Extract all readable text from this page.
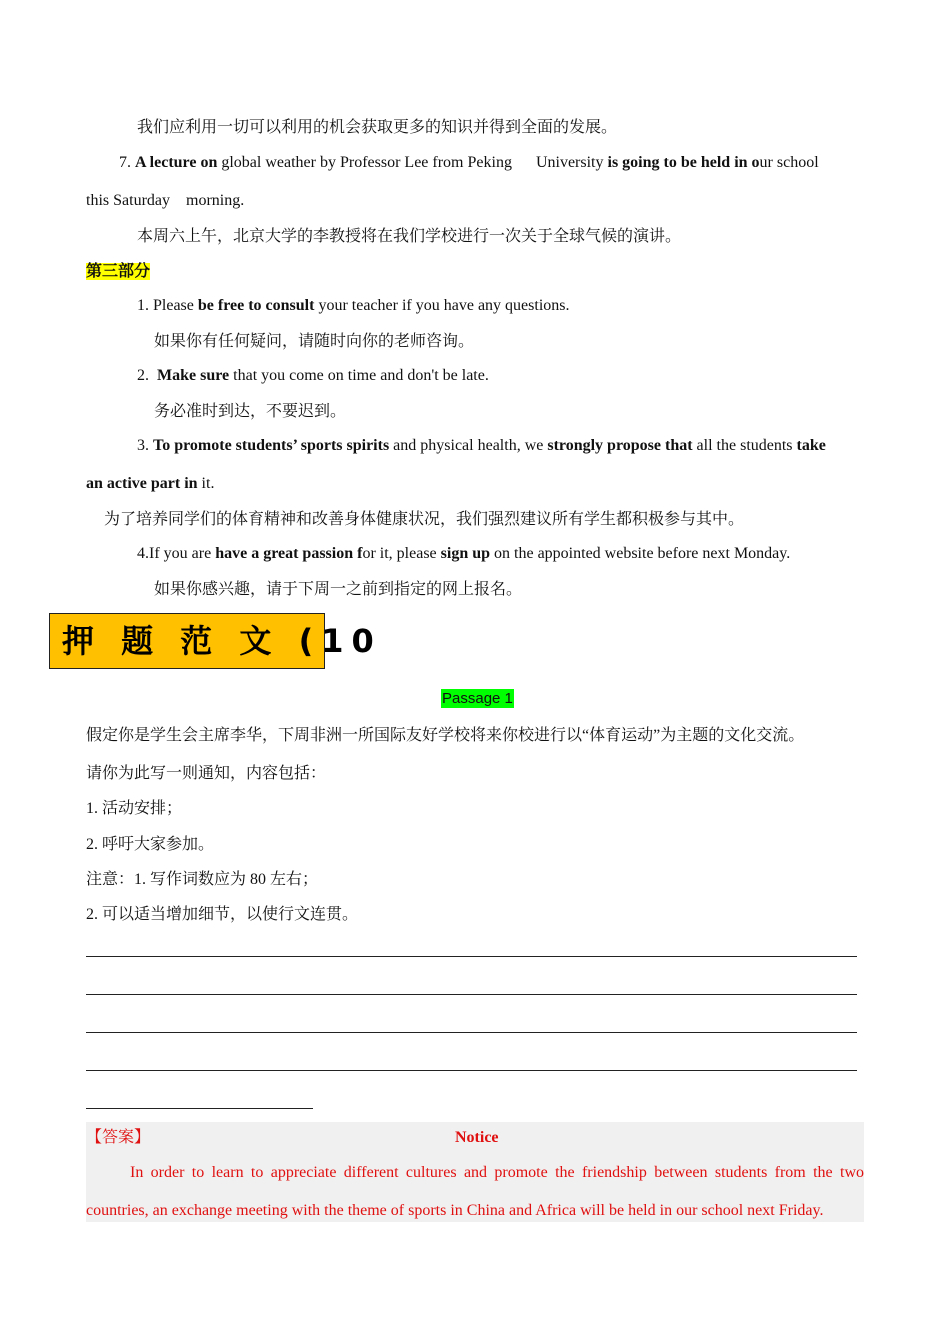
我们应利用一切可以利用的机会获取更多的知识并得到全面的发展。
7. A lecture on global weather by Professor Lee from Peking      University is going to be held in our school
this Saturday    morning.
本周六上午，北京大学的李教授将在我们学校进行一次关于全球气候的演讲。
第三部分
1. Please be free to consult your teacher if you have any questions.
如果你有任何疑问，请随时向你的老师咨询。
2.  Make sure that you come on time and don't be late.
务必准时到达，不要迟到。
3. To promote students’ sports spirits and physical health, we strongly propose that all the students take
an active part in it.
为了培养同学们的体育精神和改善身体健康状况，我们强烈建议所有学生都积极参与其中。
4.If you are have a great passion for it, please sign up on the appointed website before next Monday.
如果你感兴趣，请于下周一之前到指定的网上报名。
押 题 范 文 (10
Passage 1
假定你是学生会主席李华，下周非洲一所国际友好学校将来你校进行以“体育运动”为主题的文化交流。
请你为此写一则通知，内容包括：
1. 活动安排；
2. 呼吁大家参加。
注意：1. 写作词数应为 80 左右；
2. 可以适当增加细节，以使行文连贯。
【答案】	Notice
In order to learn to appreciate different cultures and promote the friendship between students from the two countries, an exchange meeting with the theme of sports in China and Africa will be held in our school next Friday.
